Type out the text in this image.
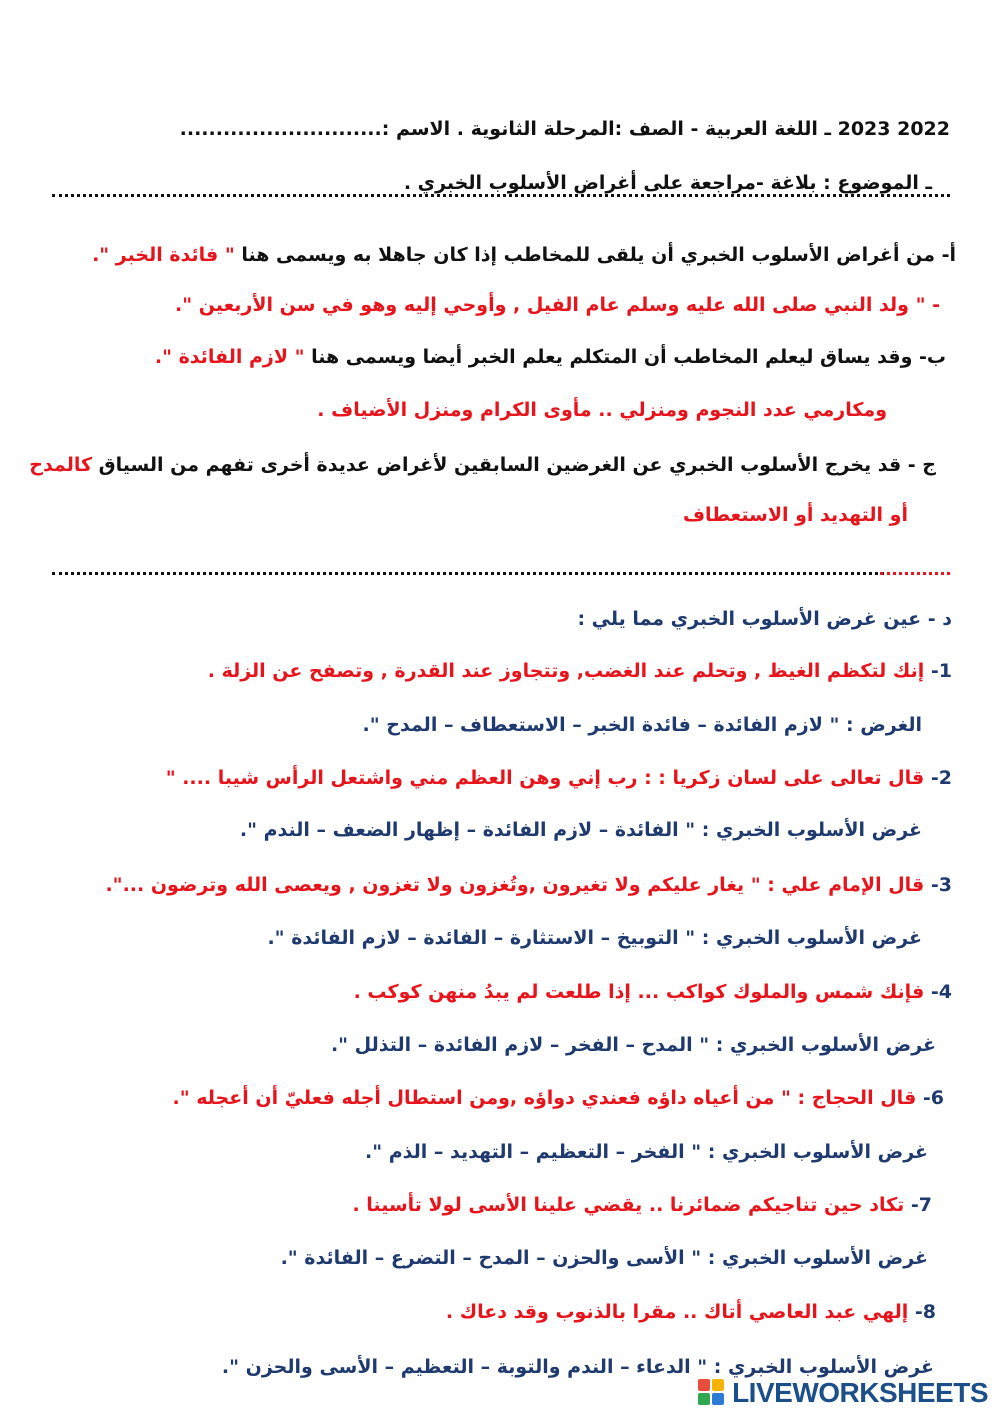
2022 2023 ـ اللغة العربية - الصف :المرحلة الثانوية . الاسم :............................
ـ الموضوع : بلاغة -مراجعة على أغراض الأسلوب الخبري .
أ- من أغراض الأسلوب الخبري أن يلقى للمخاطب إذا كان جاهلا به ويسمى هنا " فائدة الخبر ".
- " ولد النبي صلى الله عليه وسلم عام الفيل , وأوحي إليه وهو في سن الأربعين ".
ب- وقد يساق ليعلم المخاطب أن المتكلم يعلم الخبر أيضا ويسمى هنا " لازم الفائدة ".
ومكارمي عدد النجوم ومنزلي .. مأوى الكرام ومنزل الأضياف .
ج - قد يخرج الأسلوب الخبري عن الغرضين السابقين لأغراض عديدة أخرى تفهم من السياق كالمدح
أو التهديد أو الاستعطاف
د - عين غرض الأسلوب الخبري مما يلي :
1- إنك لتكظم الغيظ , وتحلم عند الغضب, وتتجاوز عند القدرة , وتصفح عن الزلة .
الغرض : " لازم الفائدة – فائدة الخبر – الاستعطاف – المدح ".
2- قال تعالى على لسان زكريا : : رب إني وهن العظم مني واشتعل الرأس شيبا .... "
غرض الأسلوب الخبري : " الفائدة – لازم الفائدة – إظهار الضعف – الندم ".
3- قال الإمام علي : " يغار عليكم ولا تغيرون ,وتُغزون ولا تغزون , ويعصى الله وترضون ...".
غرض الأسلوب الخبري : " التوبيخ – الاستثارة – الفائدة – لازم الفائدة ".
4- فإنك شمس والملوك كواكب ... إذا طلعت لم يبدُ منهن كوكب .
غرض الأسلوب الخبري : " المدح – الفخر – لازم الفائدة – التذلل ".
6- قال الحجاج : " من أعياه داؤه فعندي دواؤه ,ومن استطال أجله فعليّ أن أعجله ".
غرض الأسلوب الخبري : " الفخر – التعظيم – التهديد – الذم ".
7- تكاد حين تناجيكم ضمائرنا .. يقضي علينا الأسى لولا تأسينا .
غرض الأسلوب الخبري : " الأسى والحزن – المدح – التضرع – الفائدة ".
8- إلهي عبد العاصي أتاك .. مقرا بالذنوب وقد دعاك .
غرض الأسلوب الخبري : " الدعاء – الندم والتوبة – التعظيم – الأسى والحزن ".
LIVEWORKSHEETS
